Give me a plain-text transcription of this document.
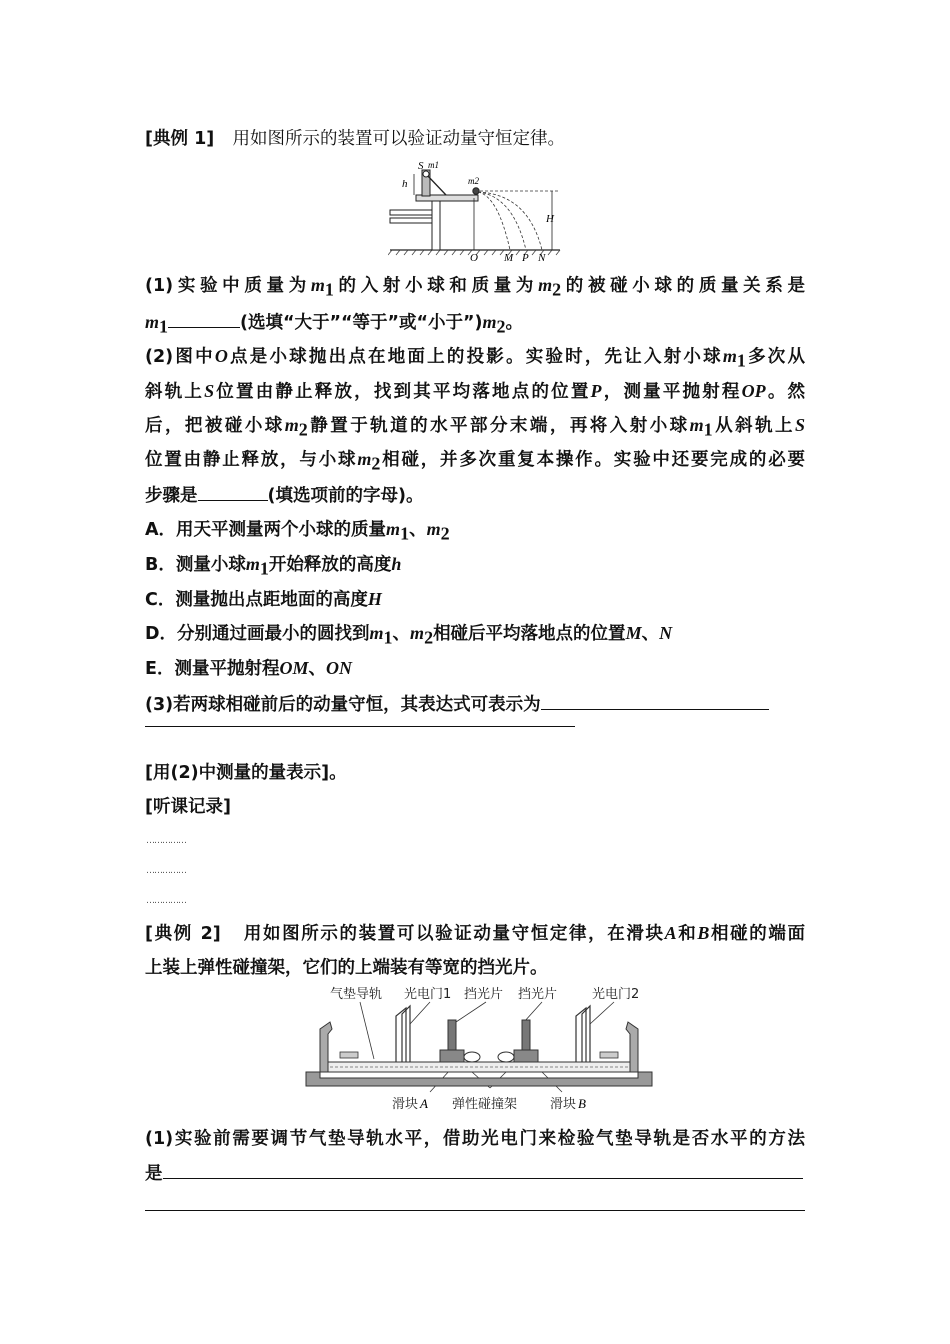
[典例 1] 用如图所示的装置可以验证动量守恒定律。
h
S m1
m2
H
O M P N
(1)实验中质量为$m_1$的入射小球和质量为$m_2$的被碰小球的质量关系是
$m_1$	(选填“大于”“等于”或“小于$”)m_2$。
(2)图中O点是小球抛出点在地面上的投影。实验时，先让入射小球$m_1$多次从
斜轨上S位置由静止释放，找到其平均落地点的位置P，测量平抛射程OP。然
后，把被碰小球$m_2$静置于轨道的水平部分末端，再将入射小球$m_1$从斜轨上S
位置由静止释放，与小球$m_2$相碰，并多次重复本操作。实验中还要完成的必要
步骤是	(填选项前的字母)。
A．用天平测量两个小球的质量$m_1$、$m_2$
B．测量小球$m_1$开始释放的高度h
C．测量抛出点距地面的高度H
D．分别通过画最小的圆找到$m_1$、$m_2$相碰后平均落地点的位置M、N
E．测量平抛射程OM、ON
(3)若两球相碰前后的动量守恒，其表达式可表示为
[用(2)中测量的量表示]。
[听课记录]
……………
……………
……………
[典例 2] 用如图所示的装置可以验证动量守恒定律，在滑块A和B相碰的端面
上装上弹性碰撞架，它们的上端装有等宽的挡光片。
气垫导轨 光电门1 挡光片 挡光片	光电门2
滑块 A 弹性碰撞架	滑块 B
(1)实验前需要调节气垫导轨水平，借助光电门来检验气垫导轨是否水平的方法
是
